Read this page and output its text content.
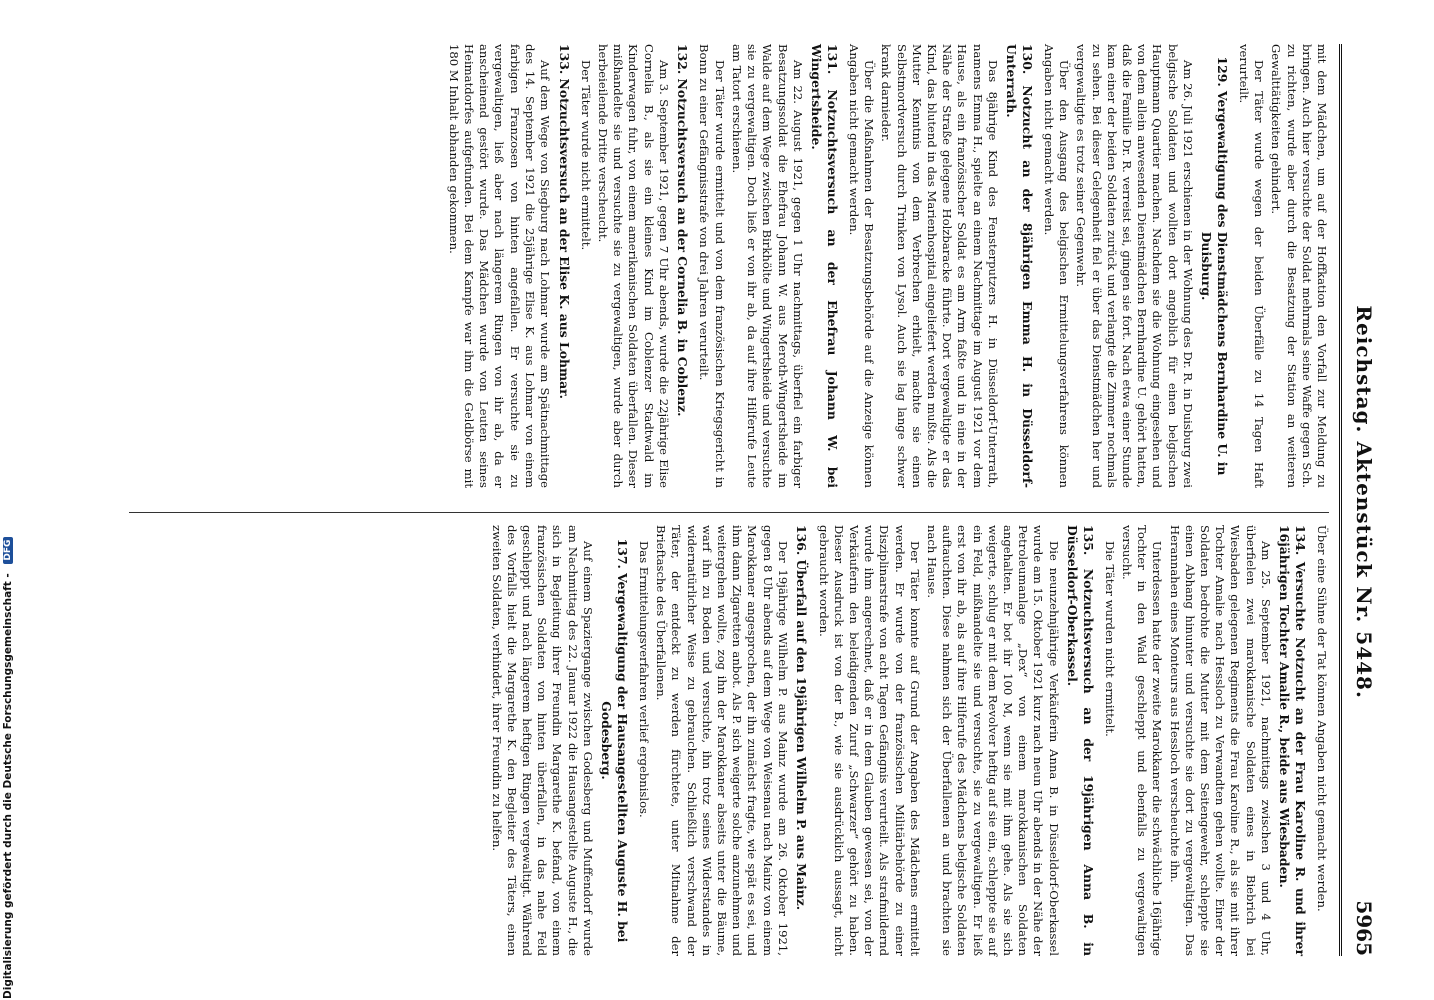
Reichstag. Aktenstück Nr. 5448.
5965

mit dem Mädchen, um auf der Hoffkation den Vorfall zur Meldung zu bringen. Auch hier versuchte der Soldat mehrmals seine Waffe gegen Sch. zu richten, wurde aber durch die Besatzung der Station an weiteren Gewalttätigkeiten gehindert.

Der Täter wurde wegen der beiden Überfälle zu 14 Tagen Haft verurteilt.

129. Vergewaltigung des Dienstmädchens Bernhardine U. in Duisburg.

Am 26. Juli 1921 erschienen in der Wohnung des Dr. R. in Duisburg zwei belgische Soldaten und wollten dort angeblich für einen belgischen Hauptmann Quartier machen. Nachdem sie die Wohnung eingesehen und von dem allein anwesenden Dienstmädchen Bernhardine U. gehört hatten, daß die Familie Dr. R. verreist sei, gingen sie fort. Nach etwa einer Stunde kam einer der beiden Soldaten zurück und verlangte die Zimmer nochmals zu sehen. Bei dieser Gelegenheit fiel er über das Dienstmädchen her und vergewaltigte es trotz seiner Gegenwehr.

Über den Ausgang des belgischen Ermittelungsverfahrens können Angaben nicht gemacht werden.

130. Notzucht an der 8jährigen Emma H. in Düsseldorf-Unterrath.

Das 8jährige Kind des Fensterputzers H. in Düsseldorf-Unterrath, namens Emma H., spielte an einem Nachmittage im August 1921 vor dem Hause, als ein französischer Soldat es am Arm faßte und in eine in der Nähe der Straße gelegene Holzbaracke führte. Dort vergewaltigte er das Kind, das blutend in das Marienhospital eingeliefert werden mußte. Als die Mutter Kenntnis von dem Verbrechen erhielt, machte sie einen Selbstmordversuch durch Trinken von Lysol. Auch sie lag lange schwer krank darnieder.

Über die Maßnahmen der Besatzungsbehörde auf die Anzeige können Angaben nicht gemacht werden.

131. Notzuchtsversuch an der Ehefrau Johann W. bei Wingertsheide.

Am 22. August 1921, gegen 1 Uhr nachmittags, überfiel ein farbiger Besatzungssoldat die Ehefrau Johann W. aus Meroth-Wingertsheide im Walde auf dem Wege zwischen Birkhölte und Wingertsheide und versuchte sie zu vergewaltigen. Doch ließ er von ihr ab, da auf ihre Hilferufe Leute am Tatort erschienen.

Der Täter wurde ermittelt und von dem französischen Kriegsgericht in Bonn zu einer Gefängnisstrafe von drei Jahren verurteilt.

132. Notzuchtsversuch an der Cornelia B. in Coblenz.

Am 3. September 1921, gegen 7 Uhr abends, wurde die 22jährige Elise Cornelia B., als sie ein kleines Kind im Coblenzer Stadtwald im Kinderwagen fuhr, von einem amerikanischen Soldaten überfallen. Dieser mißhandelte sie und versuchte sie zu vergewaltigen, wurde aber durch herbeieilende Dritte verscheucht.

Der Täter wurde nicht ermittelt.

133. Notzuchtsversuch an der Elise K. aus Lohmar.

Auf dem Wege von Siegburg nach Lohmar wurde am Spätnachmittage des 14. September 1921 die 25jährige Elise K. aus Lohmar von einem farbigen Franzosen von hinten angefallen. Er versuchte sie zu vergewaltigen, ließ aber nach längerem Ringen von ihr ab, da er anscheinend gestört wurde. Das Mädchen wurde von Leuten seines Heimatdorfes aufgefunden. Bei dem Kampfe war ihm die Geldbörse mit 180 M Inhalt abhanden gekommen.

Über eine Sühne der Tat können Angaben nicht gemacht werden.

134. Versuchte Notzucht an der Frau Karoline R. und ihrer 16jährigen Tochter Amalie R., beide aus Wiesbaden.

Am 25. September 1921, nachmittags zwischen 3 und 4 Uhr, überfielen zwei marokkanische Soldaten eines in Biebrich bei Wiesbaden gelegenen Regiments die Frau Karoline R., als sie mit ihrer Tochter Amalie nach Hessloch zu Verwandten gehen wollte. Einer der Soldaten bedrohte die Mutter mit dem Seitengewehr, schleppte sie einen Abhang hinunter und versuchte sie dort zu vergewaltigen. Das Herannahen eines Monteurs aus Hessloch verscheuchte ihn.

Unterdessen hatte der zweite Marokkaner die schwächliche 16jährige Tochter in den Wald geschleppt und ebenfalls zu vergewaltigen versucht.

Die Täter wurden nicht ermittelt.

135. Notzuchtsversuch an der 19jährigen Anna B. in Düsseldorf-Oberkassel.

Die neunzehnjährige Verkäuferin Anna B. in Düsseldorf-Oberkassel wurde am 15. Oktober 1921 kurz nach neun Uhr abends in der Nähe der Petroleumanlage „Dex“ von einem marokkanischen Soldaten angehalten. Er bot ihr 100 M, wenn sie mit ihm gehe. Als sie sich weigerte, schlug er mit dem Revolver heftig auf sie ein, schleppte sie auf ein Feld, mißhandelte sie und versuchte, sie zu vergewaltigen. Er ließ erst von ihr ab, als auf ihre Hilferufe des Mädchens belgische Soldaten auftauchten. Diese nahmen sich der Überfallenen an und brachten sie nach Hause.

Der Täter konnte auf Grund der Angaben des Mädchens ermittelt werden. Er wurde von der französischen Militärbehörde zu einer Disziplinarstrafe von acht Tagen Gefängnis verurteilt. Als strafmildernd wurde ihm angerechnet, daß er in dem Glauben gewesen sei, von der Verkäuferin den beleidigenden Zuruf „Schwarzer“ gehört zu haben. Dieser Ausdruck ist von der B., wie sie ausdrücklich aussagt, nicht gebraucht worden.

136. Überfall auf den 19jährigen Wilhelm P. aus Mainz.

Der 19jährige Wilhelm P. aus Mainz wurde am 26. Oktober 1921, gegen 8 Uhr abends auf dem Wege von Weisenau nach Mainz von einem Marokkaner angesprochen, der ihn zunächst fragte, wie spät es sei, und ihm dann Zigaretten anbot. Als P. sich weigerte solche anzunehmen und weitergehen wollte, zog ihn der Marokkaner abseits unter die Bäume, warf ihn zu Boden und versuchte, ihn trotz seines Widerstandes in widernatürlicher Weise zu gebrauchen. Schließlich verschwand der Täter, der entdeckt zu werden fürchtete, unter Mitnahme der Brieftasche des Überfallenen.

Das Ermittelungsverfahren verlief ergebnislos.

137. Vergewaltigung der Hausangestellten Auguste H. bei Godesberg.

Auf einem Spaziergange zwischen Godesberg und Muffendorf wurde am Nachmittag des 22. Januar 1922 die Hausangestellte Auguste H., die sich in Begleitung ihrer Freundin Margarethe K. befand, von einem französischen Soldaten von hinten überfallen, in das nahe Feld geschleppt und nach längerem heftigen Ringen vergewaltigt. Während des Vorfalls hielt die Margarethe K. den Begleiter des Täters, einen zweiten Soldaten, verhindert, ihrer Freundin zu helfen.

Digitalisierung gefördert durch die Deutsche Forschungsgemeinschaft - DFG
